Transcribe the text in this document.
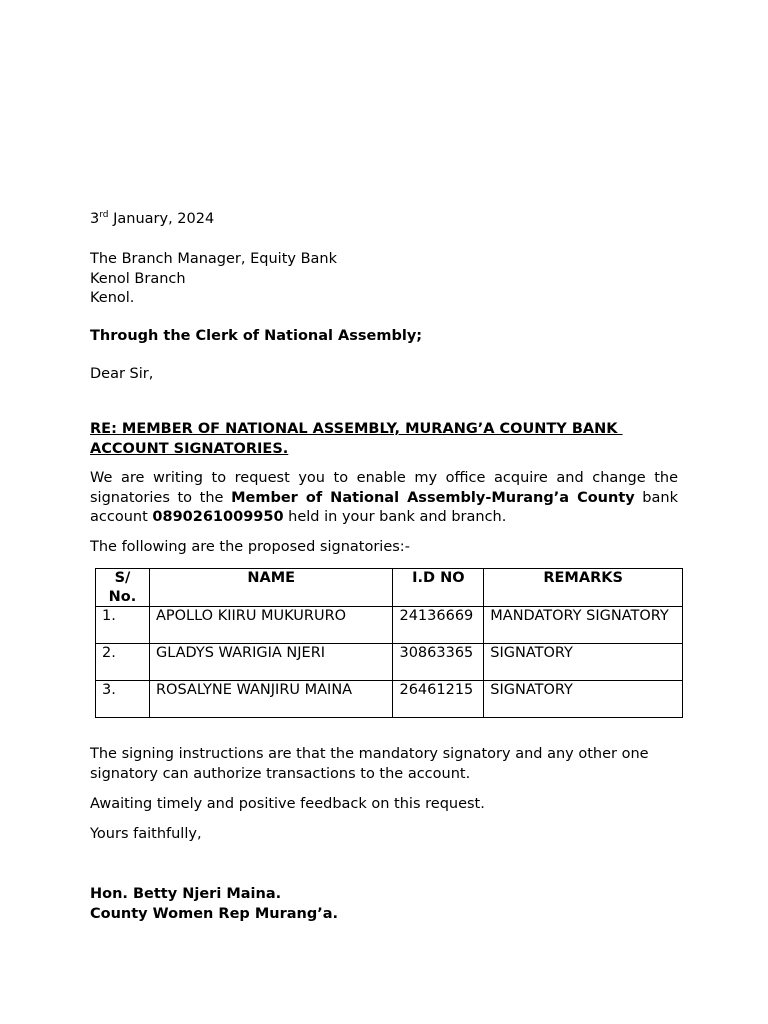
3rd January, 2024
The Branch Manager, Equity Bank
Kenol Branch
Kenol.
Through the Clerk of National Assembly;
Dear Sir,
RE: MEMBER OF NATIONAL ASSEMBLY, MURANG’A COUNTY BANK
ACCOUNT SIGNATORIES.
We are writing to request you to enable my office acquire and change the signatories to the Member of National Assembly-Murang’a County bank account 0890261009950 held in your bank and branch.
The following are the proposed signatories:-
S/ No.	NAME	I.D NO	REMARKS
1.	APOLLO KIIRU MUKURURO	24136669	MANDATORY SIGNATORY
2.	GLADYS WARIGIA NJERI	30863365	SIGNATORY
3.	ROSALYNE WANJIRU MAINA	26461215	SIGNATORY
The signing instructions are that the mandatory signatory and any other one signatory can authorize transactions to the account.
Awaiting timely and positive feedback on this request.
Yours faithfully,
Hon. Betty Njeri Maina.
County Women Rep Murang’a.
